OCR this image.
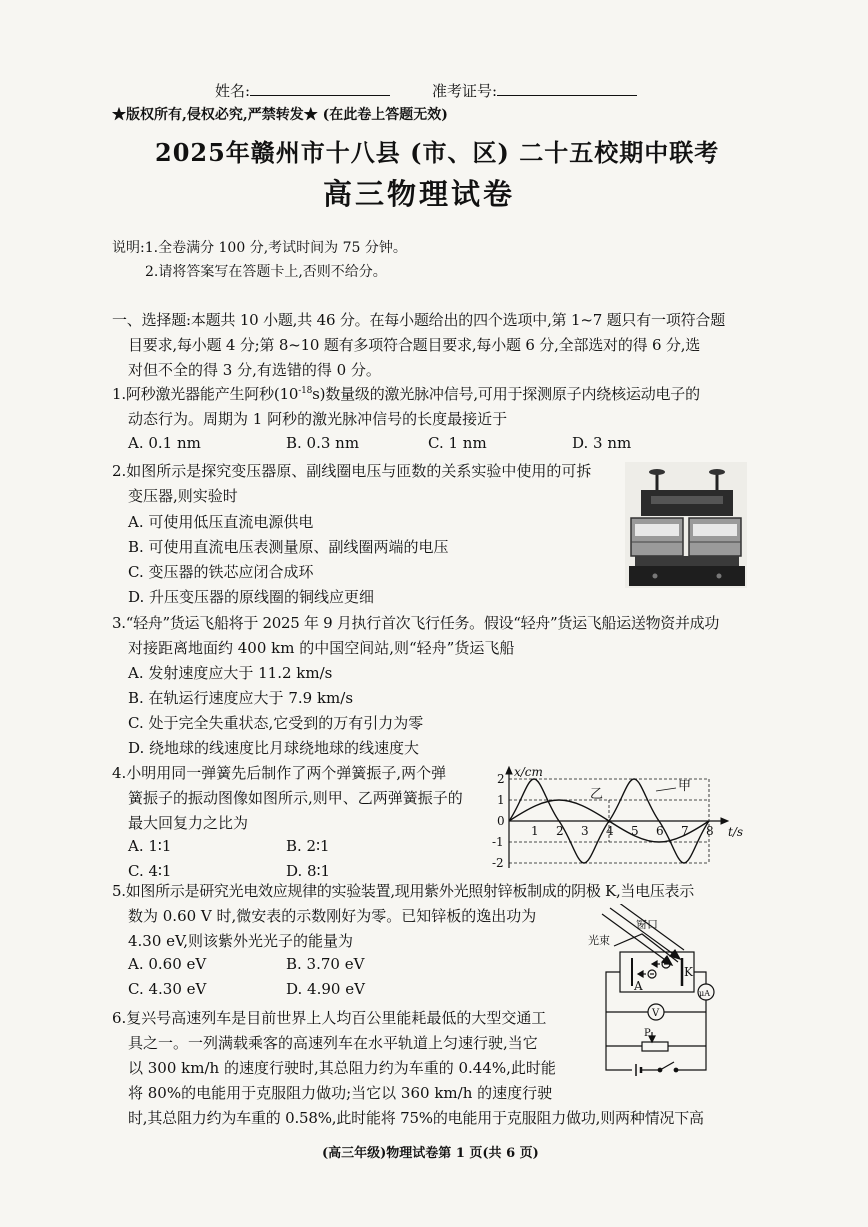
姓名:	准考证号:
★版权所有,侵权必究,严禁转发★ (在此卷上答题无效)
2025年赣州市十八县 (市、区) 二十五校期中联考
高三物理试卷
说明:1.全卷满分 100 分,考试时间为 75 分钟。
2.请将答案写在答题卡上,否则不给分。
一、选择题:本题共 10 小题,共 46 分。在每小题给出的四个选项中,第 1~7 题只有一项符合题
目要求,每小题 4 分;第 8~10 题有多项符合题目要求,每小题 6 分,全部选对的得 6 分,选
对但不全的得 3 分,有选错的得 0 分。
1.阿秒激光器能产生阿秒$(10^{-18}s)$数量级的激光脉冲信号,可用于探测原子内绕核运动电子的
动态行为。周期为 1 阿秒的激光脉冲信号的长度最接近于
A. 0.1 nm	B. 0.3 nm	C. 1 nm	D. 3 nm
2.如图所示是探究变压器原、副线圈电压与匝数的关系实验中使用的可拆
变压器,则实验时
A. 可使用低压直流电源供电
B. 可使用直流电压表测量原、副线圈两端的电压
C. 变压器的铁芯应闭合成环
D. 升压变压器的原线圈的铜线应更细
3.“轻舟”货运飞船将于 2025 年 9 月执行首次飞行任务。假设“轻舟”货运飞船运送物资并成功
对接距离地面约 400 km 的中国空间站,则“轻舟”货运飞船
A. 发射速度应大于 11.2 km/s
B. 在轨运行速度应大于 7.9 km/s
C. 处于完全失重状态,它受到的万有引力为零
D. 绕地球的线速度比月球绕地球的线速度大
4.小明用同一弹簧先后制作了两个弹簧振子,两个弹
簧振子的振动图像如图所示,则甲、乙两弹簧振子的
最大回复力之比为
A. 1∶1	B. 2∶1
C. 4∶1	D. 8∶1
x/cm
t/s
2
1
0
-1
-2
1 2 3 4 5 6 7 8
甲
乙
5.如图所示是研究光电效应规律的实验装置,现用紫外光照射锌板制成的阴极 K,当电压表示
数为 0.60 V 时,微安表的示数刚好为零。已知锌板的逸出功为
4.30 eV,则该紫外光光子的能量为
A. 0.60 eV	B. 3.70 eV
C. 4.30 eV	D. 4.90 eV
窗口
光束
K
A
V
μA
P
6.复兴号高速列车是目前世界上人均百公里能耗最低的大型交通工
具之一。一列满载乘客的高速列车在水平轨道上匀速行驶,当它
以 300 km/h 的速度行驶时,其总阻力约为车重的 0.44%,此时能
将 80%的电能用于克服阻力做功;当它以 360 km/h 的速度行驶
时,其总阻力约为车重的 0.58%,此时能将 75%的电能用于克服阻力做功,则两种情况下高
(高三年级)物理试卷第 1 页(共 6 页)
